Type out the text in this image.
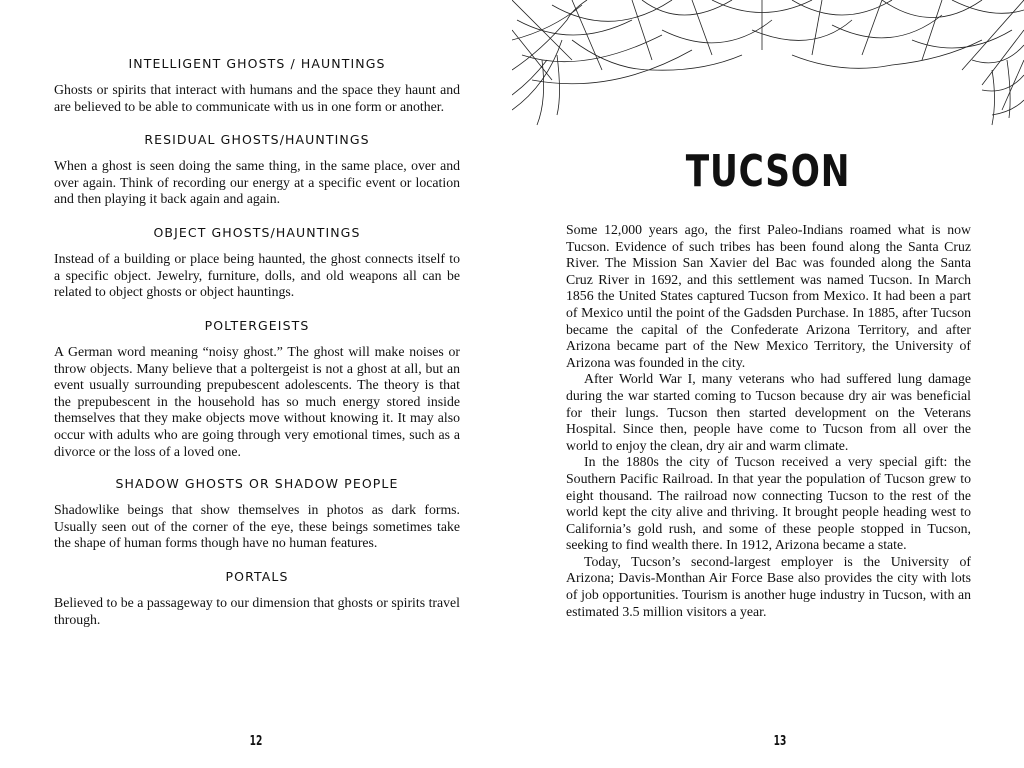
INTELLIGENT GHOSTS / HAUNTINGS

Ghosts or spirits that interact with humans and the space they haunt and are believed to be able to communicate with us in one form or another.

RESIDUAL GHOSTS/HAUNTINGS

When a ghost is seen doing the same thing, in the same place, over and over again. Think of recording our energy at a specific event or location and then playing it back again and again.

OBJECT GHOSTS/HAUNTINGS

Instead of a building or place being haunted, the ghost connects itself to a specific object. Jewelry, furniture, dolls, and old weapons all can be related to object ghosts or object hauntings.

POLTERGEISTS

A German word meaning “noisy ghost.” The ghost will make noises or throw objects. Many believe that a poltergeist is not a ghost at all, but an event usually surrounding prepubescent adolescents. The theory is that the prepubescent in the household has so much energy stored inside themselves that they make objects move without knowing it. It may also occur with adults who are going through very emotional times, such as a divorce or the loss of a loved one.

SHADOW GHOSTS OR SHADOW PEOPLE

Shadowlike beings that show themselves in photos as dark forms. Usually seen out of the corner of the eye, these beings sometimes take the shape of human forms though have no human features.

PORTALS

Believed to be a passageway to our dimension that ghosts or spirits travel through.

12
TUCSON
13

Some 12,000 years ago, the first Paleo-Indians roamed what is now Tucson. Evidence of such tribes has been found along the Santa Cruz River. The Mission San Xavier del Bac was founded along the Santa Cruz River in 1692, and this settlement was named Tucson. In March 1856 the United States captured Tucson from Mexico. It had been a part of Mexico until the point of the Gadsden Purchase. In 1885, after Tucson became the capital of the Confederate Arizona Territory, and after Arizona became part of the New Mexico Territory, the University of Arizona was founded in the city.

After World War I, many veterans who had suffered lung damage during the war started coming to Tucson because dry air was beneficial for their lungs. Tucson then started development on the Veterans Hospital. Since then, people have come to Tucson from all over the world to enjoy the clean, dry air and warm climate.

In the 1880s the city of Tucson received a very special gift: the Southern Pacific Railroad. In that year the population of Tucson grew to eight thousand. The railroad now connecting Tucson to the rest of the world kept the city alive and thriving. It brought people heading west to California’s gold rush, and some of these people stopped in Tucson, seeking to find wealth there. In 1912, Arizona became a state.

Today, Tucson’s second-largest employer is the University of Arizona; Davis-Monthan Air Force Base also provides the city with lots of job opportunities. Tourism is another huge industry in Tucson, with an estimated 3.5 million visitors a year.
